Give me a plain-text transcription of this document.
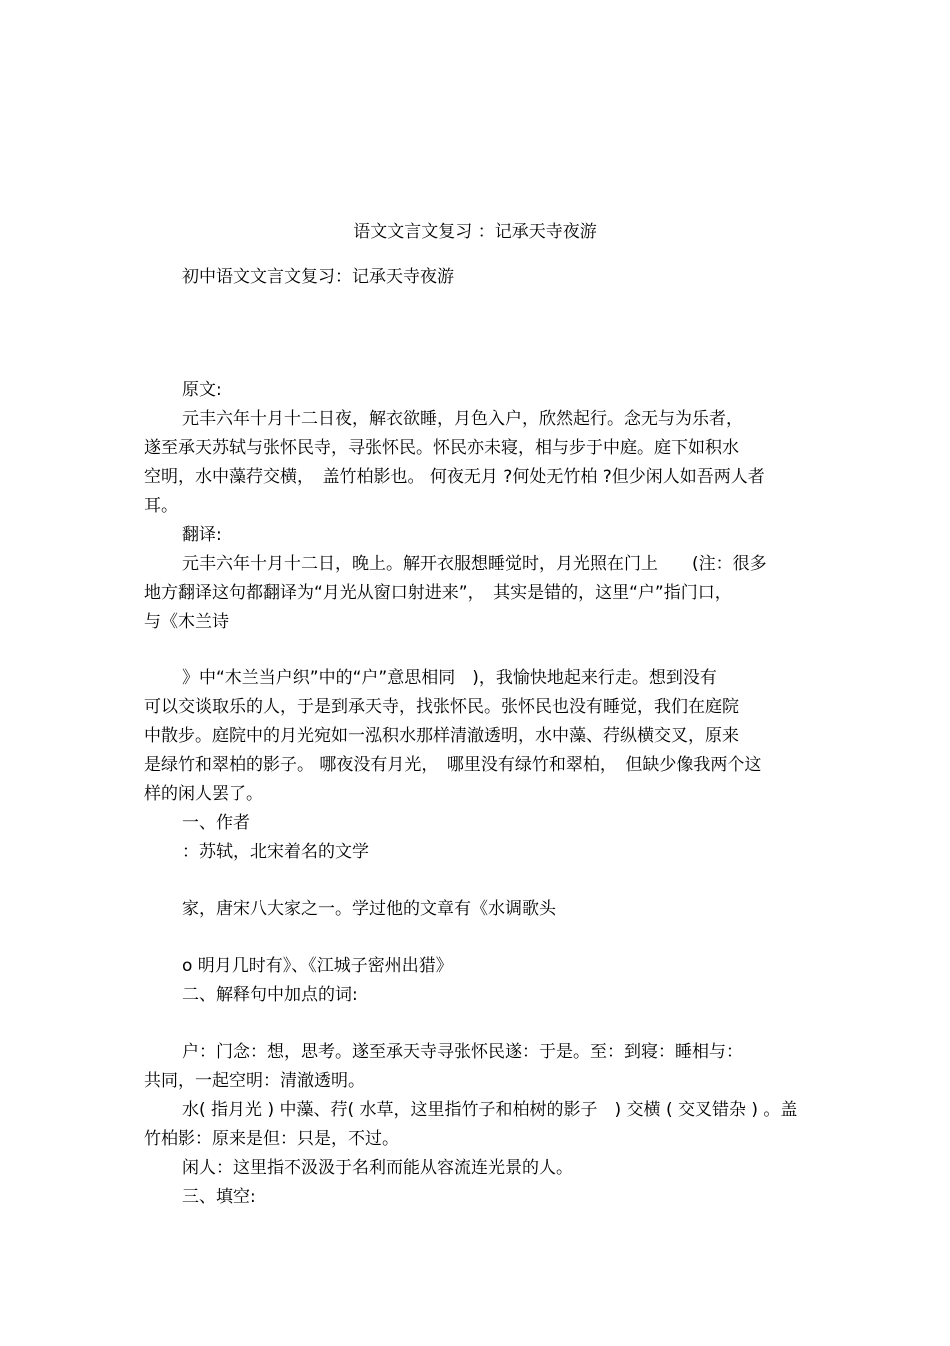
语文文言文复习 ：记承天寺夜游
初中语文文言文复习：记承天寺夜游
原文:
元丰六年十月十二日夜，解衣欲睡，月色入户，欣然起行。念无与为乐者，
遂至承天苏轼与张怀民寺，寻张怀民。怀民亦未寝，相与步于中庭。庭下如积水
空明，水中藻荇交横，　盖竹柏影也。 何夜无月 ?何处无竹柏 ?但少闲人如吾两人者
耳。
翻译:
元丰六年十月十二日，晚上。解开衣服想睡觉时，月光照在门上　　(注：很多
地方翻译这句都翻译为“月光从窗口射进来”，　其实是错的，这里“户”指门口，
与《木兰诗
》中“木兰当户织”中的“户”意思相同　)，我愉快地起来行走。想到没有
可以交谈取乐的人，于是到承天寺，找张怀民。张怀民也没有睡觉，我们在庭院
中散步。庭院中的月光宛如一泓积水那样清澈透明，水中藻、荇纵横交叉，原来
是绿竹和翠柏的影子。 哪夜没有月光，　哪里没有绿竹和翠柏，　但缺少像我两个这
样的闲人罢了。
一、作者
：苏轼，北宋着名的文学
家，唐宋八大家之一。学过他的文章有《水调歌头
o 明月几时有》、《江城子密州出猎》
二、解释句中加点的词:
户：门念：想，思考。遂至承天寺寻张怀民遂：于是。至：到寝：睡相与：
共同，一起空明：清澈透明。
水( 指月光 ) 中藻、荇( 水草，这里指竹子和柏树的影子　) 交横 ( 交叉错杂 ) 。盖
竹柏影：原来是但：只是，不过。
闲人：这里指不汲汲于名利而能从容流连光景的人。
三、填空:
